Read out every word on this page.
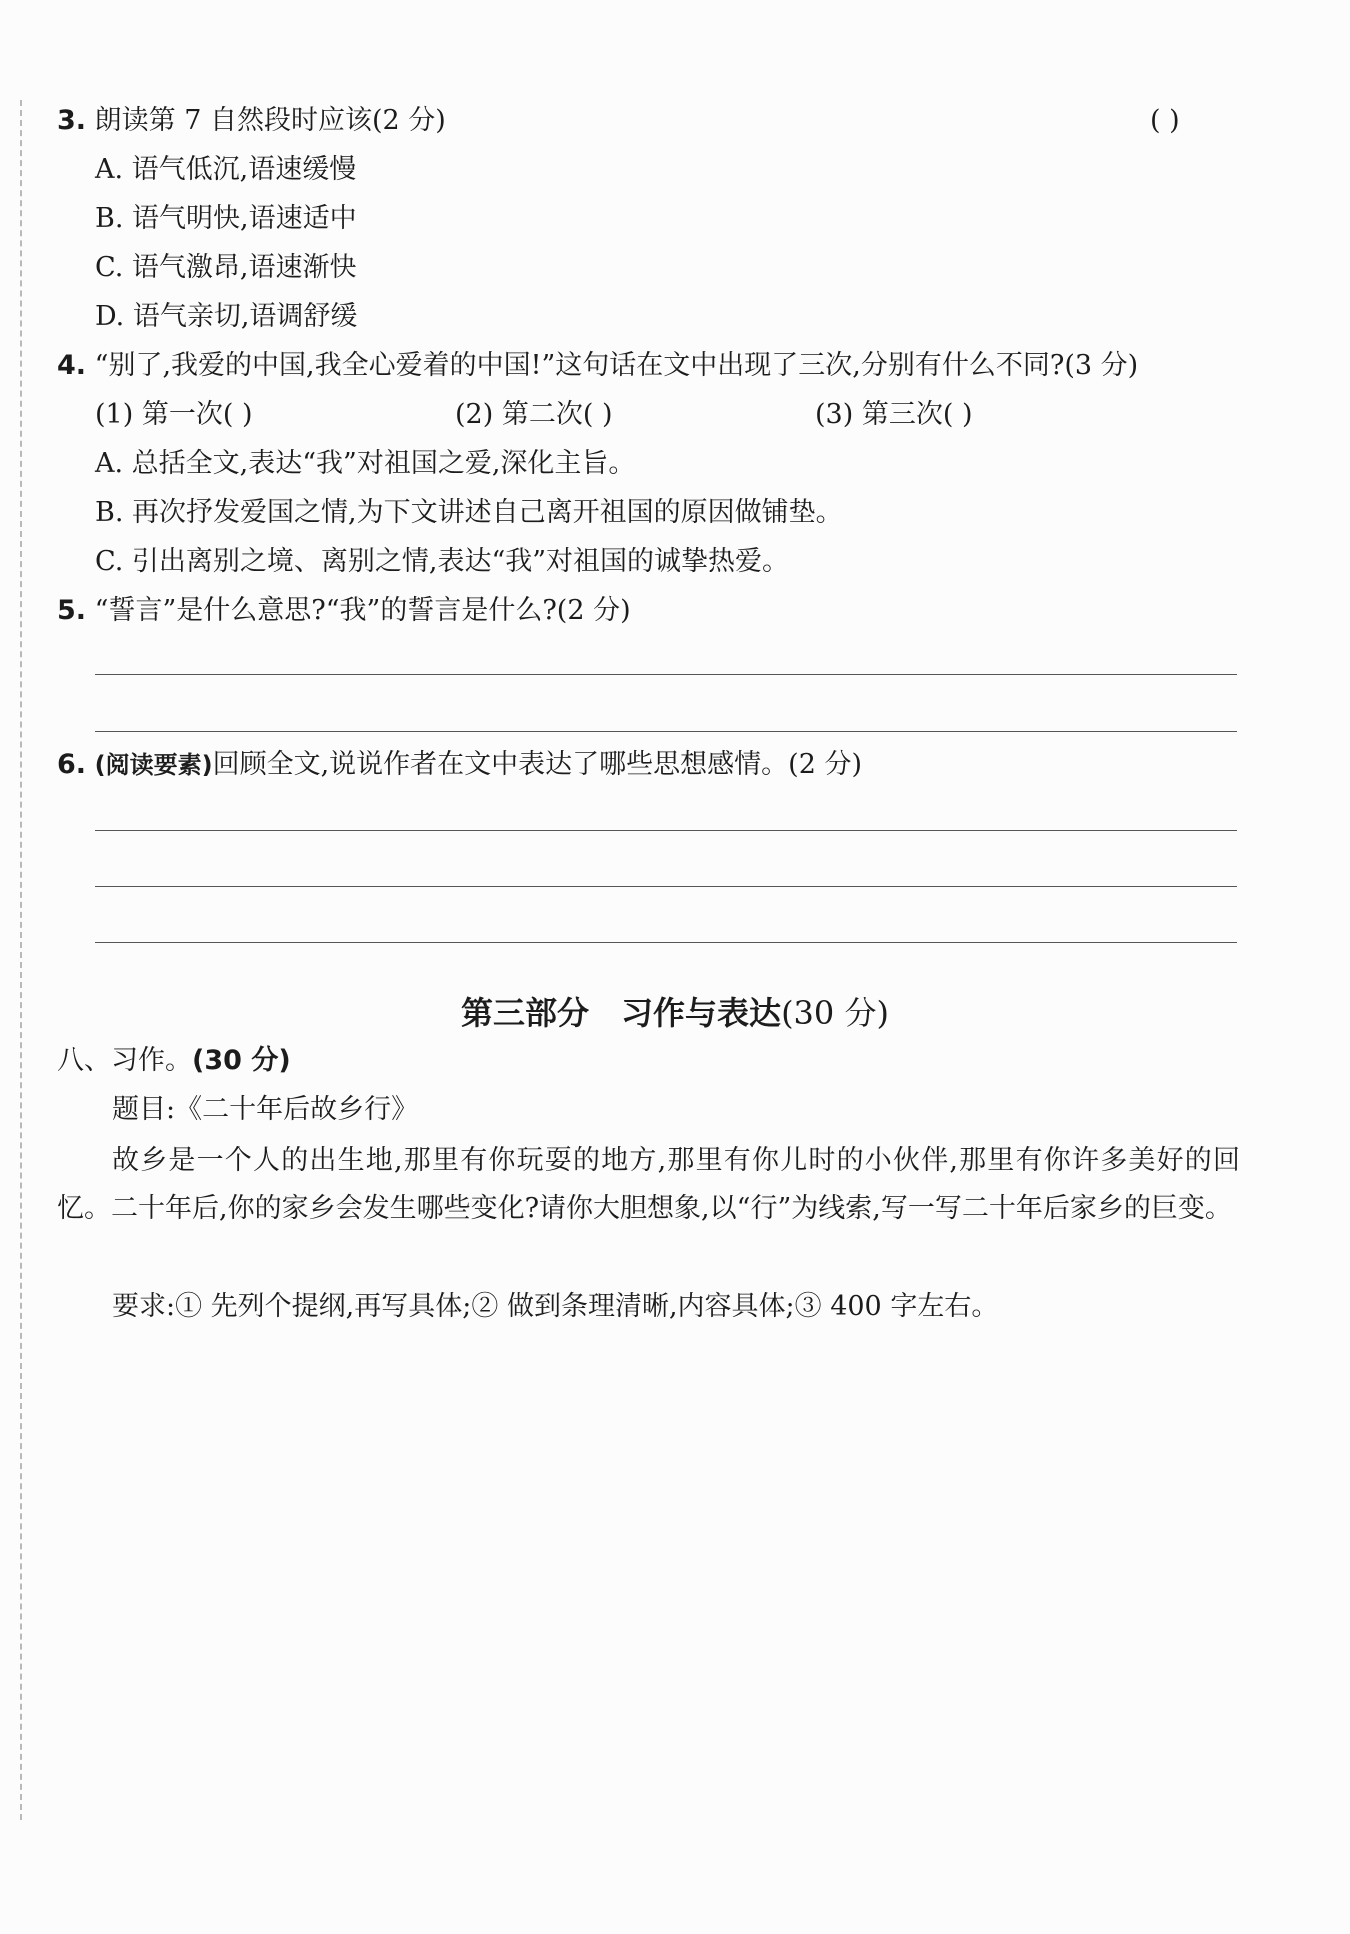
3. 朗读第 7 自然段时应该(2 分)	( )
A. 语气低沉,语速缓慢
B. 语气明快,语速适中
C. 语气激昂,语速渐快
D. 语气亲切,语调舒缓
4. “别了,我爱的中国,我全心爱着的中国!”这句话在文中出现了三次,分别有什么不同?(3 分)
(1) 第一次( )	(2) 第二次( )	(3) 第三次( )
A. 总括全文,表达“我”对祖国之爱,深化主旨。
B. 再次抒发爱国之情,为下文讲述自己离开祖国的原因做铺垫。
C. 引出离别之境、离别之情,表达“我”对祖国的诚挚热爱。
5. “誓言”是什么意思?“我”的誓言是什么?(2 分)
6. (阅读要素)回顾全文,说说作者在文中表达了哪些思想感情。(2 分)
第三部分　习作与表达(30 分)
八、习作。(30 分)
题目:《二十年后故乡行》
故乡是一个人的出生地,那里有你玩耍的地方,那里有你儿时的小伙伴,那里有你许多美好的回忆。二十年后,你的家乡会发生哪些变化?请你大胆想象,以“行”为线索,写一写二十年后家乡的巨变。
要求:① 先列个提纲,再写具体;② 做到条理清晰,内容具体;③ 400 字左右。
